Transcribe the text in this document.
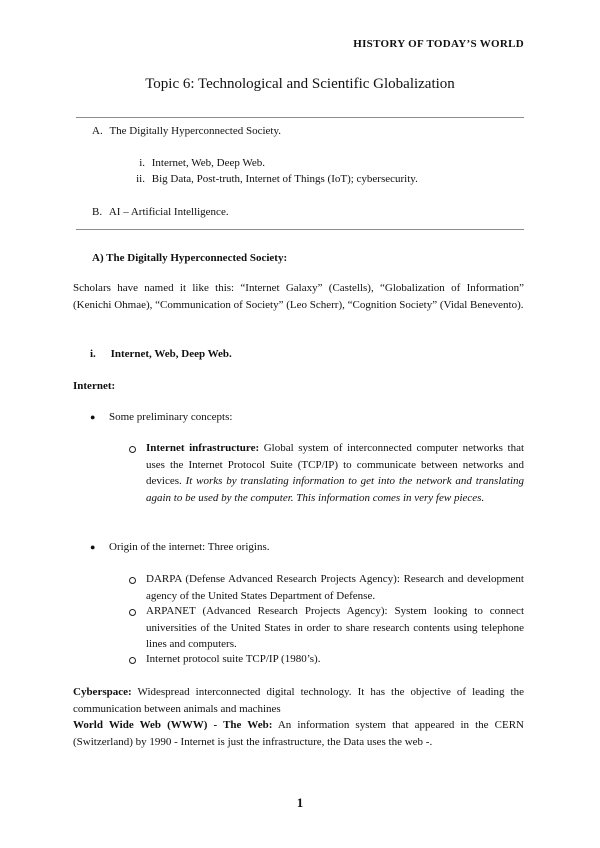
HISTORY OF TODAY’S WORLD
Topic 6: Technological and Scientific Globalization
A. The Digitally Hyperconnected Society.
i. Internet, Web, Deep Web.
ii. Big Data, Post-truth, Internet of Things (IoT); cybersecurity.
B. AI – Artificial Intelligence.
A) The Digitally Hyperconnected Society:
Scholars have named it like this: “Internet Galaxy” (Castells), “Globalization of Information” (Kenichi Ohmae), “Communication of Society” (Leo Scherr), “Cognition Society” (Vidal Benevento).
i. Internet, Web, Deep Web.
Internet:
● Some preliminary concepts:
Internet infrastructure: Global system of interconnected computer networks that uses the Internet Protocol Suite (TCP/IP) to communicate between networks and devices. It works by translating information to get into the network and translating again to be used by the computer. This information comes in very few pieces.
● Origin of the internet: Three origins.
DARPA (Defense Advanced Research Projects Agency): Research and development agency of the United States Department of Defense.
ARPANET (Advanced Research Projects Agency): System looking to connect universities of the United States in order to share research contents using telephone lines and computers.
Internet protocol suite TCP/IP (1980’s).
Cyberspace: Widespread interconnected digital technology. It has the objective of leading the communication between animals and machines
World Wide Web (WWW) - The Web: An information system that appeared in the CERN (Switzerland) by 1990 - Internet is just the infrastructure, the Data uses the web -.
1
